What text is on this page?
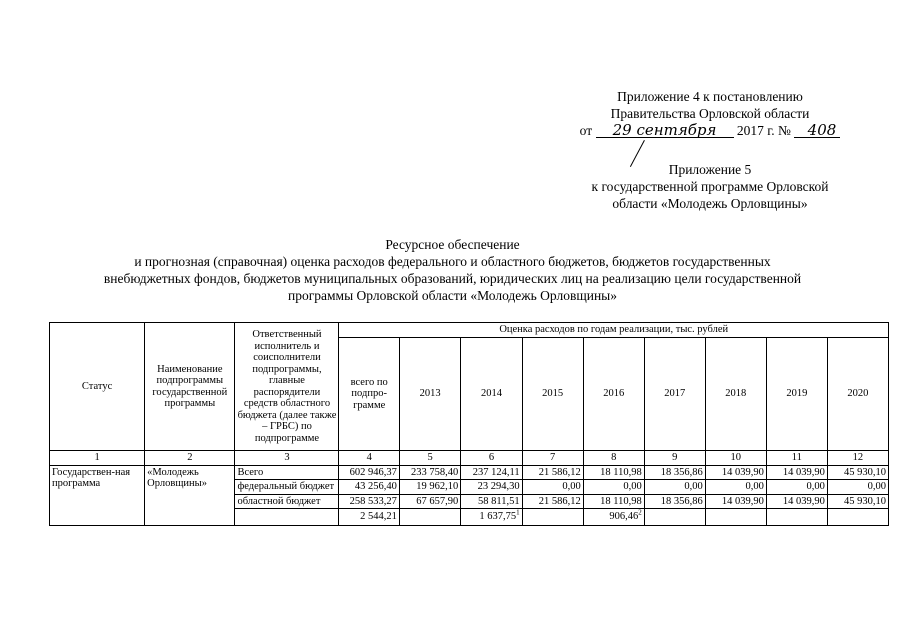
Приложение 4 к постановлению
Правительства Орловской области
от 29 сентября 2017 г. № 408
Приложение 5
к государственной программе Орловской
области «Молодежь Орловщины»
Ресурсное обеспечение
и прогнозная (справочная) оценка расходов федерального и областного бюджетов, бюджетов государственных
внебюджетных фондов, бюджетов муниципальных образований, юридических лиц на реализацию цели государственной
программы Орловской области «Молодежь Орловщины»
Статус	Наименование подпрограммы государственной программы	Ответственный исполнитель и соисполнители подпрограммы, главные распорядители средств областного бюджета (далее также – ГРБС) по подпрограмме	Оценка расходов по годам реализации, тыс. рублей								
			всего по подпро-грамме	2013	2014	2015	2016	2017	2018	2019	2020
1	2	3	4	5	6	7	8	9	10	11	12
Государствен-ная программа	«Молодежь Орловщины»	Всего	602 946,37	233 758,40	237 124,11	21 586,12	18 110,98	18 356,86	14 039,90	14 039,90	45 930,10
		федеральный бюджет	43 256,40	19 962,10	23 294,30	0,00	0,00	0,00	0,00	0,00	0,00
		областной бюджет	258 533,27	67 657,90	58 811,51	21 586,12	18 110,98	18 356,86	14 039,90	14 039,90	45 930,10
			2 544,21		1 637,75$^1$		906,46$^2$				
